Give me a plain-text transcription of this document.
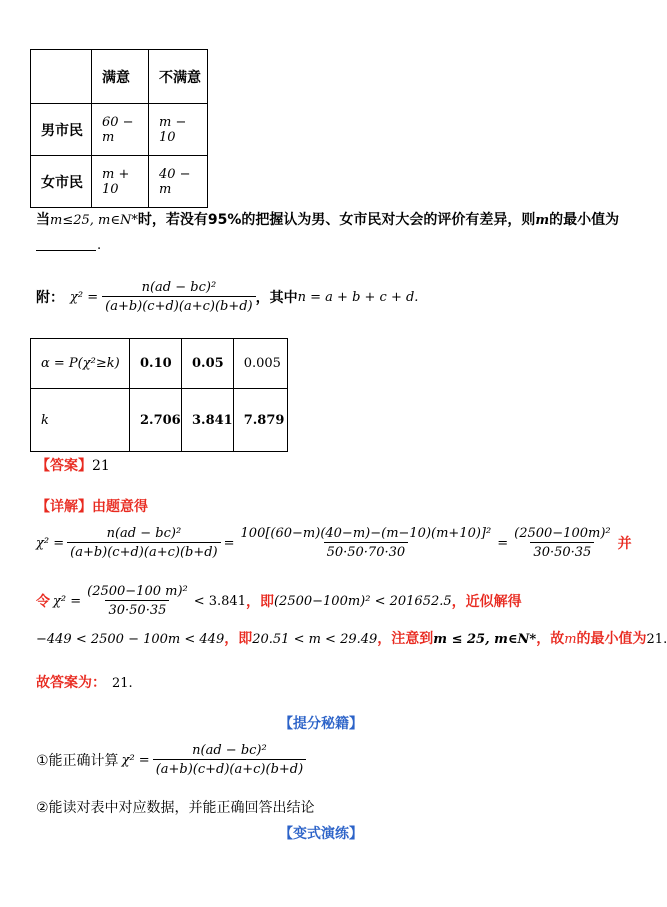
	满意	不满意
男市民	60 − m	m − 10
女市民	m + 10	40 − m
当m≤25, m∈N*时，若没有95%的把握认为男、女市民对大会的评价有差异，则m的最小值为
.
附： $\chi^2 = \frac{\text{n(ad − bc)²}}{(a+b)(c+d)(a+c)(b+d)}$ ，其中 n = a + b + c + d.
α = P(χ²≥k)	0.10	0.05	0.005
k	2.706	3.841	7.879
【答案】21
【详解】由题意得
$\chi^2 = \frac{\text{n(ad − bc)²}}{(a+b)(c+d)(a+c)(b+d)} = \frac{\text{100[(60−m)(40−m)−(m−10)(m+10)]²}}{50\cdot 50\cdot 70\cdot 30} = \frac{\text{(2500−100m)²}}{30\cdot 50\cdot 35}$ 并
令 $\chi^2 = \frac{\text{(2500−100 m)²}}{30\cdot 50\cdot 35} < 3.841$ ，即 (2500−100m)² < 201652.5 ，近似解得
−449 < 2500 − 100m < 449，即20.51 < m < 29.49，注意到m ≤ 25, m∈N*，故m的最小值为21.
故答案为： 21.
【提分秘籍】
①能正确计算 $\chi^2 = \frac{\text{n(ad − bc)²}}{(a+b)(c+d)(a+c)(b+d)}$
②能读对表中对应数据，并能正确回答出结论
【变式演练】
